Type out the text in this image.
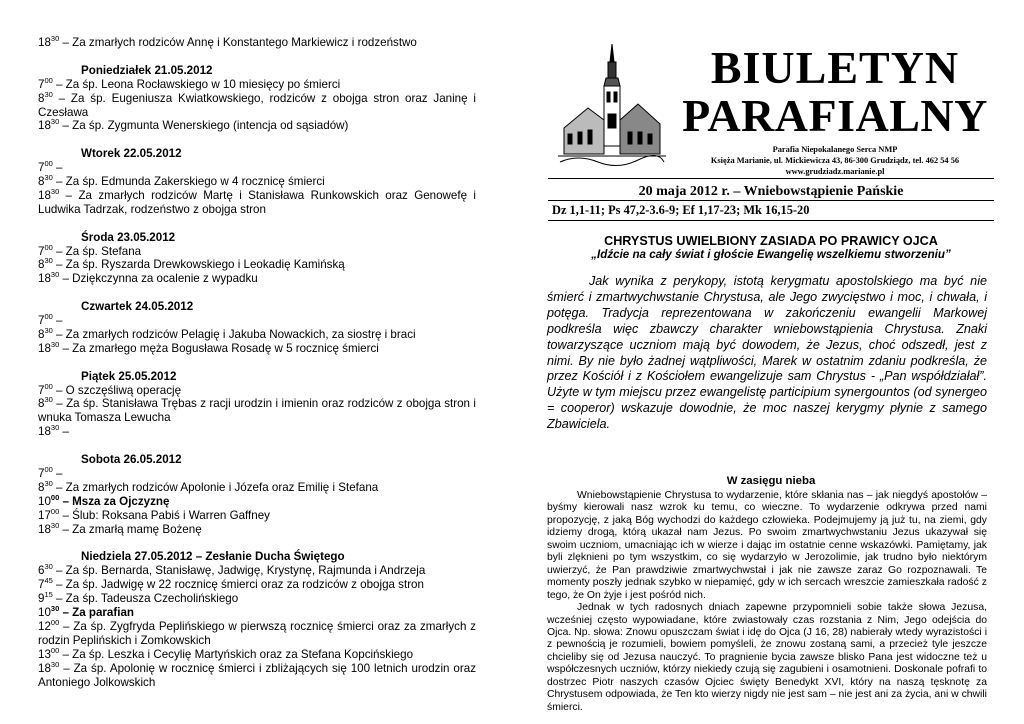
$18^{30}$ – Za zmarłych rodziców Annę i Konstantego Markiewicz i rodzeństwo
Poniedziałek 21.05.2012
$7^{00}$ – Za śp. Leona Rocławskiego w 10 miesięcy po śmierci
$8^{30}$ – Za śp. Eugeniusza Kwiatkowskiego, rodziców z obojga stron oraz Janinę i Czesława
$18^{30}$ – Za śp. Zygmunta Wenerskiego (intencja od sąsiadów)
Wtorek 22.05.2012
$7^{00}$ –
$8^{30}$ – Za śp. Edmunda Zakerskiego w 4 rocznicę śmierci
$18^{30}$ – Za zmarłych rodziców Martę i Stanisława Runkowskich oraz Genowefę i Ludwika Tadrzak, rodzeństwo z obojga stron
Środa 23.05.2012
$7^{00}$ – Za śp. Stefana
$8^{30}$ – Za śp. Ryszarda Drewkowskiego i Leokadię Kamińską
$18^{30}$ – Dziękczynna za ocalenie z wypadku
Czwartek 24.05.2012
$7^{00}$ –
$8^{30}$ – Za zmarłych rodziców Pelagię i Jakuba Nowackich, za siostrę i braci
$18^{30}$ – Za zmarłego męża Bogusława Rosadę w 5 rocznicę śmierci
Piątek 25.05.2012
$7^{00}$ – O szczęśliwą operację
$8^{30}$ – Za śp. Stanisława Trębas z racji urodzin i imienin oraz rodziców z obojga stron i wnuka Tomasza Lewucha
$18^{30}$ –
Sobota 26.05.2012
$7^{00}$ –
$8^{30}$ – Za zmarłych rodziców Apolonie i Józefa oraz Emilię i Stefana
$10^{00}$ – Msza za Ojczyznę
$17^{00}$ – Ślub: Roksana Pabiś i Warren Gaffney
$18^{30}$ – Za zmarłą mamę Bożenę
Niedziela 27.05.2012 – Zesłanie Ducha Świętego
$6^{30}$ – Za śp. Bernarda, Stanisławę, Jadwigę, Krystynę, Rajmunda i Andrzeja
$7^{45}$ – Za śp. Jadwigę w 22 rocznicę śmierci oraz za rodziców z obojga stron
$9^{15}$ – Za śp. Tadeusza Czecholińskiego
$10^{30}$ – Za parafian
$12^{00}$ – Za śp. Zygfryda Peplińskiego w pierwszą rocznicę śmierci oraz za zmarłych z rodzin Peplińskich i Zomkowskich
$13^{00}$ – Za śp. Leszka i Cecylię Martyńskich oraz za Stefana Kopcińskiego
$18^{30}$ – Za śp. Apolonię w rocznicę śmierci i zbliżających się 100 letnich urodzin oraz Antoniego Jolkowskich
BIULETYN
PARAFIALNY
Parafia Niepokalanego Serca NMP
Księża Marianie, ul. Mickiewicza 43, 86-300 Grudziądz, tel. 462 54 56
www.grudziadz.marianie.pl
20 maja 2012 r. – Wniebowstąpienie Pańskie
Dz 1,1-11; Ps 47,2-3.6-9; Ef 1,17-23; Mk 16,15-20
CHRYSTUS UWIELBIONY ZASIADA PO PRAWICY OJCA
„Idźcie na cały świat i głoście Ewangelię wszelkiemu stworzeniu”
Jak wynika z perykopy, istotą kerygmatu apostolskiego ma być nie śmierć i zmartwychwstanie Chrystusa, ale Jego zwycięstwo i moc, i chwała, i potęga. Tradycja reprezentowana w zakończeniu ewangelii Markowej podkreśla więc zbawczy charakter wniebowstąpienia Chrystusa. Znaki towarzyszące uczniom mają być dowodem, że Jezus, choć odszedł, jest z nimi. By nie było żadnej wątpliwości, Marek w ostatnim zdaniu podkreśla, że przez Kościół i z Kościołem ewangelizuje sam Chrystus - „Pan współdziałał”. Użyte w tym miejscu przez ewangelistę participium synergountos (od synergeo = cooperor) wskazuje dowodnie, że moc naszej kerygmy płynie z samego Zbawiciela.
W zasięgu nieba

Wniebowstąpienie Chrystusa to wydarzenie, które skłania nas – jak niegdyś apostołów – byśmy kierowali nasz wzrok ku temu, co wieczne. To wydarzenie odkrywa przed nami propozycję, z jaką Bóg wychodzi do każdego człowieka. Podejmujemy ją już tu, na ziemi, gdy idziemy drogą, którą ukazał nam Jezus. Po swoim zmartwychwstaniu Jezus ukazywał się swoim uczniom, umacniając ich w wierze i dając im ostatnie cenne wskazówki. Pamiętamy, jak byli zlęknieni po tym wszystkim, co się wydarzyło w Jerozolimie, jak trudno było niektórym uwierzyć, że Pan prawdziwie zmartwychwstał i jak nie zawsze zaraz Go rozpoznawali. Te momenty poszły jednak szybko w niepamięć, gdy w ich sercach wreszcie zamieszkała radość z tego, że On żyje i jest pośród nich.

Jednak w tych radosnych dniach zapewne przypomnieli sobie także słowa Jezusa, wcześniej często wypowiadane, które zwiastowały czas rozstania z Nim, Jego odejścia do Ojca. Np. słowa: Znowu opuszczam świat i idę do Ojca (J 16, 28) nabierały wtedy wyrazistości i z pewnością je rozumieli, bowiem pomyśleli, że znowu zostaną sami, a przecież tyle jeszcze chcieliby się od Jezusa nauczyć. To pragnienie bycia zawsze blisko Pana jest widoczne też u współczesnych uczniów, którzy niekiedy czują się zagubieni i osamotnieni. Doskonale pofrafi to dostrzec Piotr naszych czasów Ojciec święty Benedykt XVI, który na naszą tęsknotę za Chrystusem odpowiada, że Ten kto wierzy nigdy nie jest sam – nie jest ani za życia, ani w chwili śmierci.
